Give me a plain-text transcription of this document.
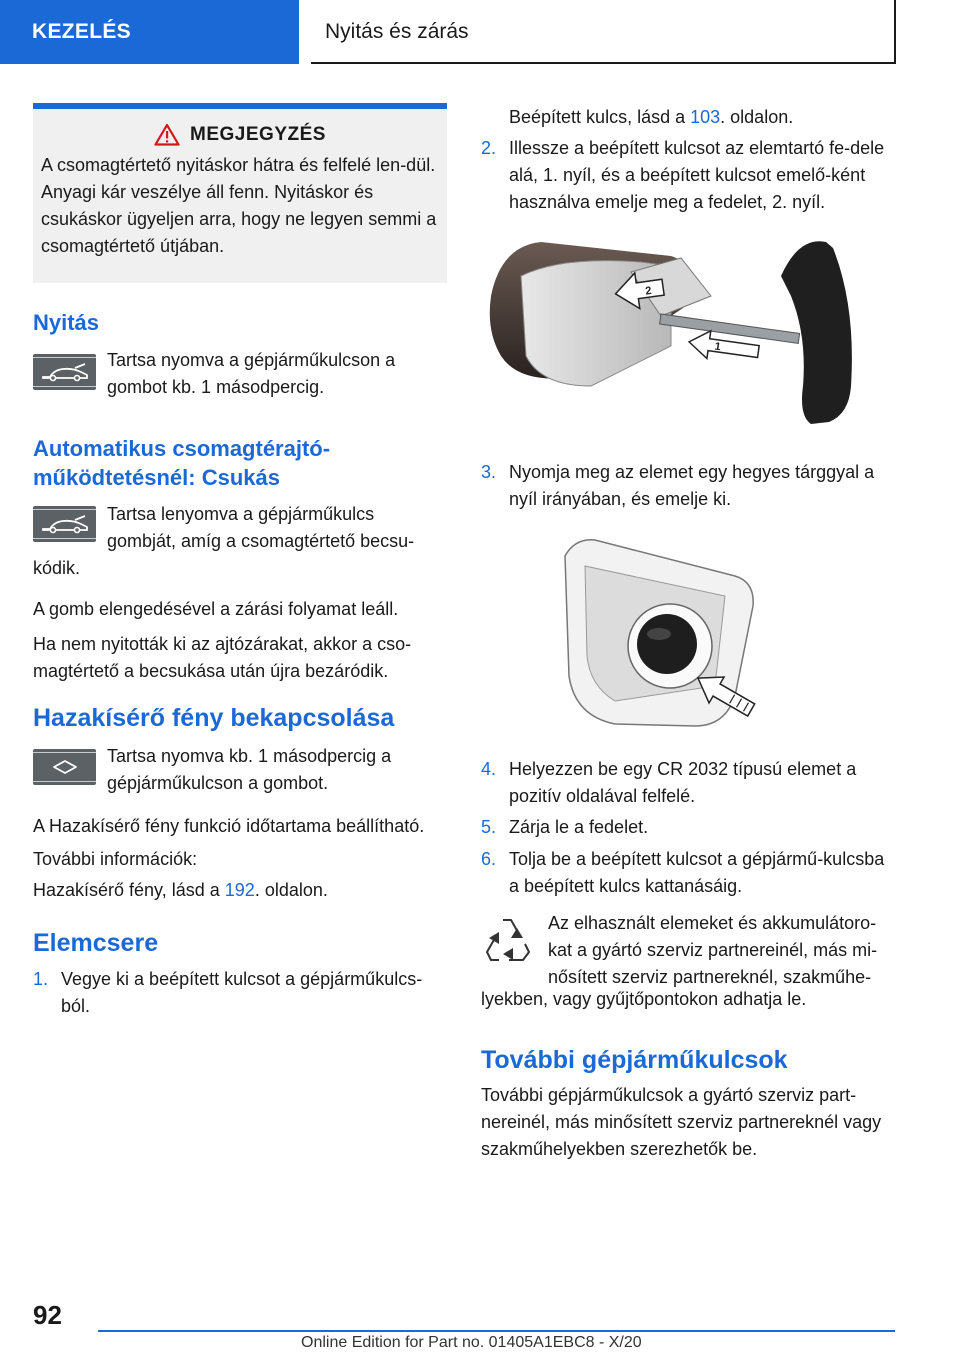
KEZELÉS	Nyitás és zárás
MEGJEGYZÉS
A csomagtértető nyitáskor hátra és felfelé len-dül. Anyagi kár veszélye áll fenn. Nyitáskor és csukáskor ügyeljen arra, hogy ne legyen semmi a csomagtértető útjában.
Nyitás

Tartsa nyomva a gépjárműkulcson a gombot kb. 1 másodpercig.

Automatikus csomagtérajtó-
működtetésnél: Csukás

Tartsa lenyomva a gépjárműkulcs

gombját, amíg a csomagtértető becsu-

kódik.

A gomb elengedésével a zárási folyamat leáll.

Ha nem nyitották ki az ajtózárakat, akkor a cso-magtértető a becsukása után újra bezáródik.

Hazakísérő fény bekapcsolása

Tartsa nyomva kb. 1 másodpercig a gépjárműkulcson a gombot.

A Hazakísérő fény funkció időtartama beállítható.

További információk:

Hazakísérő fény, lásd a 192. oldalon.

Elemcsere
1. Vegye ki a beépített kulcsot a gépjárműkulcs-ból.

Beépített kulcs, lásd a 103. oldalon.

2. Illessze a beépített kulcsot az elemtartó fe-dele alá, 1. nyíl, és a beépített kulcsot emelő-ként használva emelje meg a fedelet, 2. nyíl.
2
1
3. Nyomja meg az elemet egy hegyes tárggyal a nyíl irányában, és emelje ki.
4. Helyezzen be egy CR 2032 típusú elemet a pozitív oldalával felfelé.
5. Zárja le a fedelet.
6. Tolja be a beépített kulcsot a gépjármű-kulcsba a beépített kulcs kattanásáig.

Az elhasznált elemeket és akkumulátoro-

kat a gyártó szerviz partnereinél, más mi-

nősített szerviz partnereknél, szakműhe-

lyekben, vagy gyűjtőpontokon adhatja le.

További gépjárműkulcsok

További gépjárműkulcsok a gyártó szerviz part-nereinél, más minősített szerviz partnereknél vagy szakműhelyekben szerezhetők be.

92
Online Edition for Part no. 01405A1EBC8 - X/20
